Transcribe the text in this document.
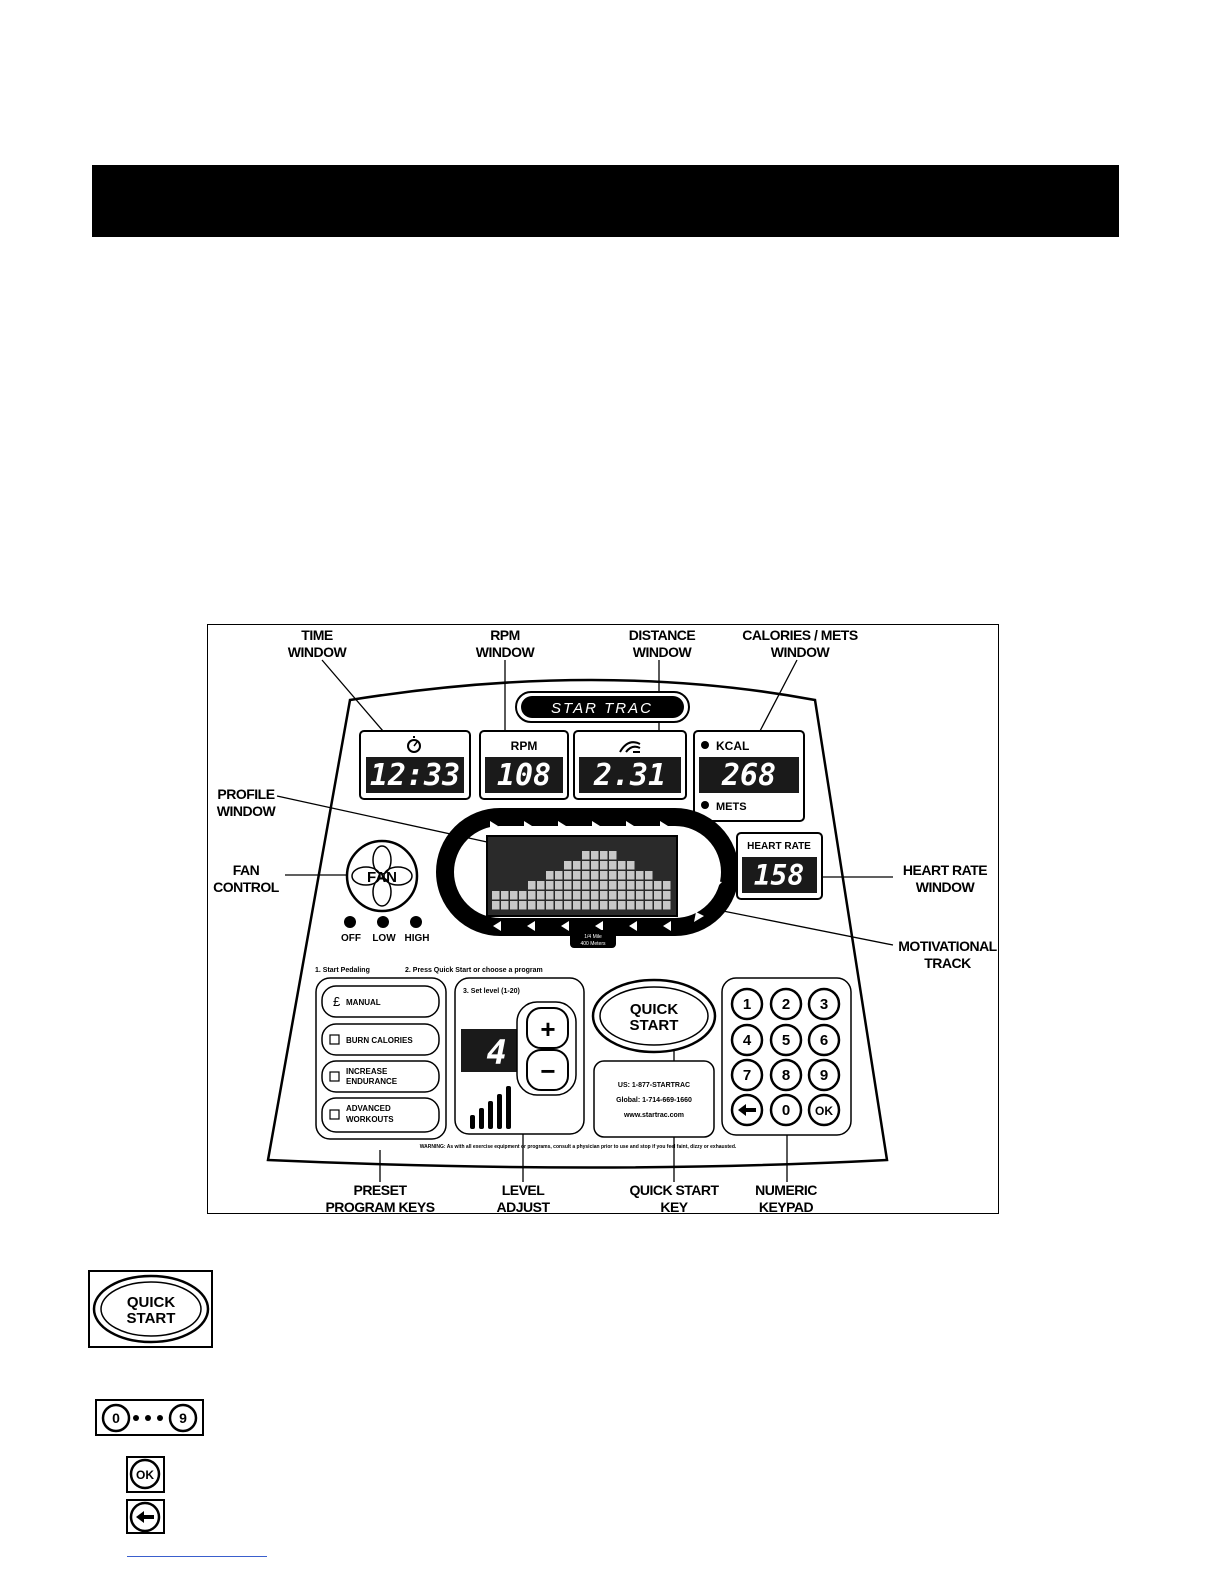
TIME
WINDOW
RPM
WINDOW
DISTANCE
WINDOW
CALORIES / METS
WINDOW
PROFILE
WINDOW
FAN
CONTROL
HEART RATE
WINDOW
MOTIVATIONAL
TRACK
PRESET
PROGRAM KEYS
LEVEL
ADJUST
QUICK START
KEY
NUMERIC
KEYPAD
STAR TRAC
12:33
RPM
108 2.31
KCAL
268
METS
1/4 Mile
400 Meters
HEART RATE
158
FAN
OFF LOW HIGH
1. Start Pedaling	2. Press Quick Start or choose a program
£ MANUAL
BURN CALORIES
INCREASE
ENDURANCE
ADVANCED
WORKOUTS
3. Set level (1-20)
4
+
−
QUICK
START
US: 1-877-STARTRAC
Global: 1-714-669-1660
www.startrac.com
1 2 3
4 5 6
7 8 9
0 OK
WARNING: As with all exercise equipment or programs, consult a physician prior to use and stop if you feel faint, dizzy or exhausted.
QUICK
START
0	9
OK
